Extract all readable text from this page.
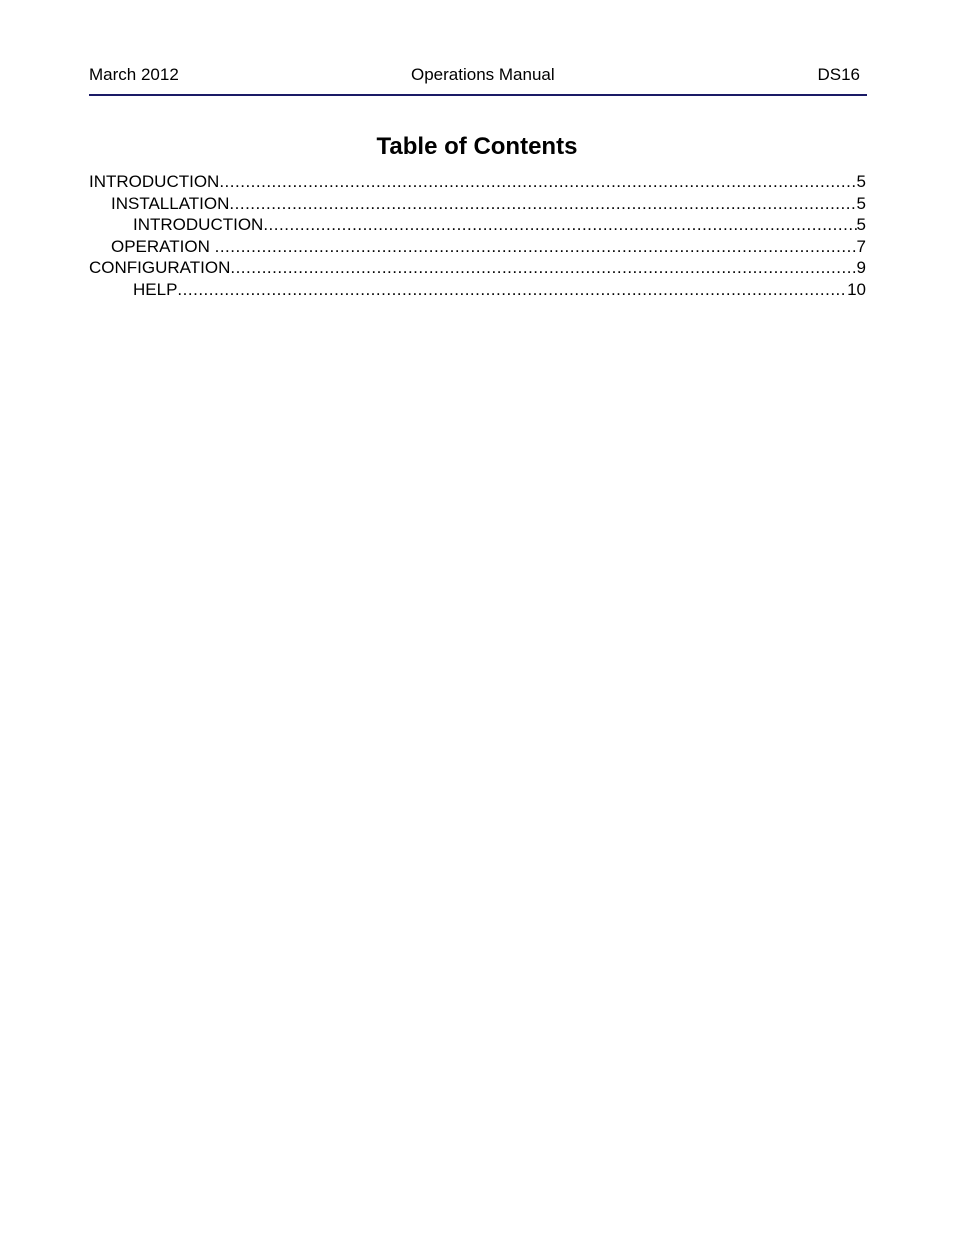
March 2012	Operations Manual	DS16
Table of Contents
INTRODUCTION .....	5
INSTALLATION .....	5
INTRODUCTION .....	5
OPERATION .....	7
CONFIGURATION .....	9
HELP .....	10
